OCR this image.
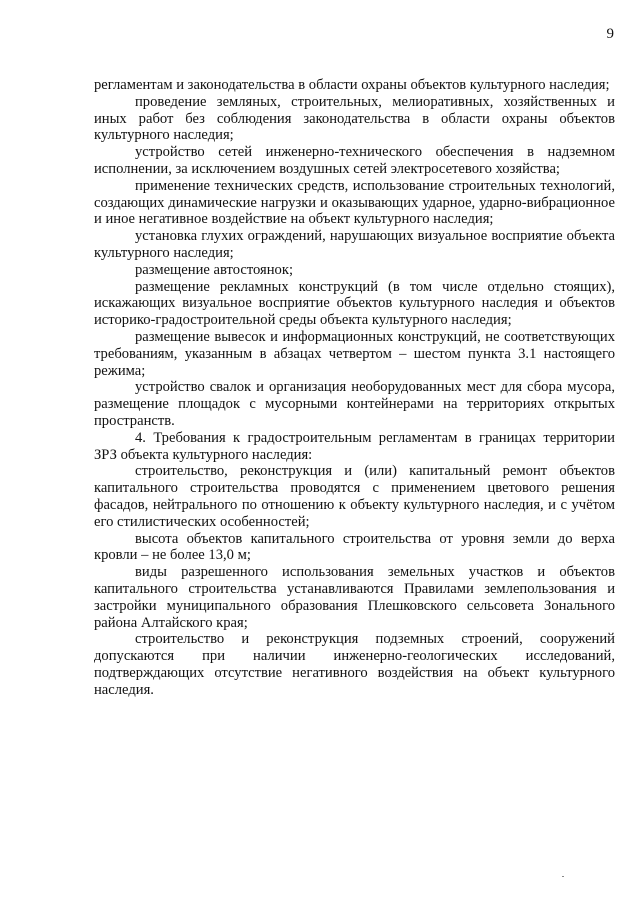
9

регламентам и законодательства в области охраны объектов культурного наследия;

проведение земляных, строительных, мелиоративных, хозяйственных и иных работ без соблюдения законодательства в области охраны объектов культурного наследия;

устройство сетей инженерно-технического обеспечения в надземном исполнении, за исключением воздушных сетей электросетевого хозяйства;

применение технических средств, использование строительных технологий, создающих динамические нагрузки и оказывающих ударное, ударно-вибрационное и иное негативное воздействие на объект культурного наследия;

установка глухих ограждений, нарушающих визуальное восприятие объекта культурного наследия;

размещение автостоянок;

размещение рекламных конструкций (в том числе отдельно стоящих), искажающих визуальное восприятие объектов культурного наследия и объектов историко-градостроительной среды объекта культурного наследия;

размещение вывесок и информационных конструкций, не соответствующих требованиям, указанным в абзацах четвертом – шестом пункта 3.1 настоящего режима;

устройство свалок и организация необорудованных мест для сбора мусора, размещение площадок с мусорными контейнерами на территориях открытых пространств.

4. Требования к градостроительным регламентам в границах территории ЗРЗ объекта культурного наследия:

строительство, реконструкция и (или) капитальный ремонт объектов капитального строительства проводятся с применением цветового решения фасадов, нейтрального по отношению к объекту культурного наследия, и с учётом его стилистических особенностей;

высота объектов капитального строительства от уровня земли до верха кровли – не более 13,0 м;

виды разрешенного использования земельных участков и объектов капитального строительства устанавливаются Правилами землепользования и застройки муниципального образования Плешковского сельсовета Зонального района Алтайского края;

строительство и реконструкция подземных строений, сооружений допускаются при наличии инженерно-геологических исследований, подтверждающих отсутствие негативного воздействия на объект культурного наследия.
